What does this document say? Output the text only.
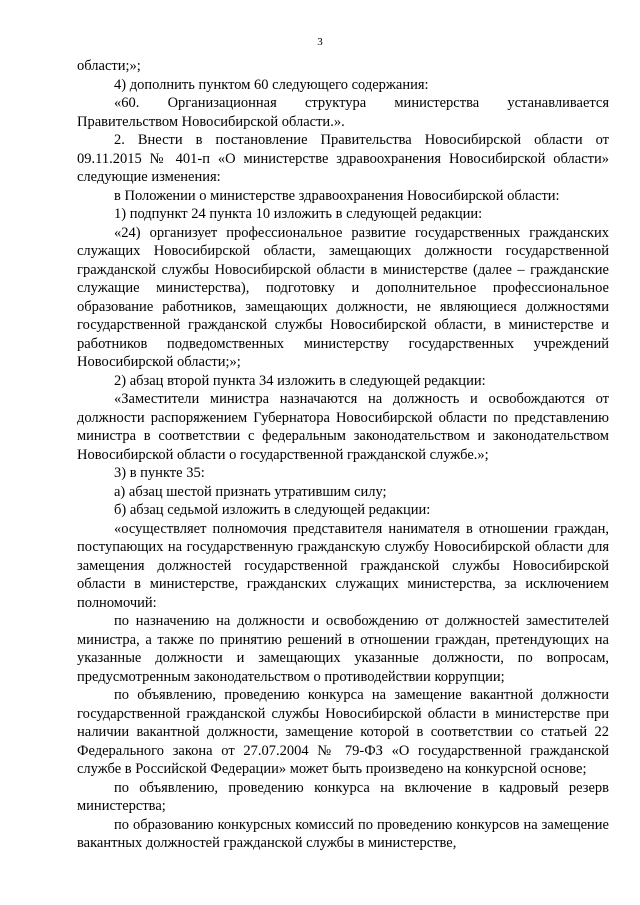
3

области;»;

4) дополнить пунктом 60 следующего содержания:

«60. Организационная структура министерства устанавливается Правительством Новосибирской области.».

2. Внести в постановление Правительства Новосибирской области от 09.11.2015 № 401-п «О министерстве здравоохранения Новосибирской области» следующие изменения:

в Положении о министерстве здравоохранения Новосибирской области:

1) подпункт 24 пункта 10 изложить в следующей редакции:

«24) организует профессиональное развитие государственных гражданских служащих Новосибирской области, замещающих должности государственной гражданской службы Новосибирской области в министерстве (далее – гражданские служащие министерства), подготовку и дополнительное профессиональное образование работников, замещающих должности, не являющиеся должностями государственной гражданской службы Новосибирской области, в министерстве и работников подведомственных министерству государственных учреждений Новосибирской области;»;

2) абзац второй пункта 34 изложить в следующей редакции:

«Заместители министра назначаются на должность и освобождаются от должности распоряжением Губернатора Новосибирской области по представлению министра в соответствии с федеральным законодательством и законодательством Новосибирской области о государственной гражданской службе.»;

3) в пункте 35:

а) абзац шестой признать утратившим силу;

б) абзац седьмой изложить в следующей редакции:

«осуществляет полномочия представителя нанимателя в отношении граждан, поступающих на государственную гражданскую службу Новосибирской области для замещения должностей государственной гражданской службы Новосибирской области в министерстве, гражданских служащих министерства, за исключением полномочий:

по назначению на должности и освобождению от должностей заместителей министра, а также по принятию решений в отношении граждан, претендующих на указанные должности и замещающих указанные должности, по вопросам, предусмотренным законодательством о противодействии коррупции;

по объявлению, проведению конкурса на замещение вакантной должности государственной гражданской службы Новосибирской области в министерстве при наличии вакантной должности, замещение которой в соответствии со статьей 22 Федерального закона от 27.07.2004 № 79-ФЗ «О государственной гражданской службе в Российской Федерации» может быть произведено на конкурсной основе;

по объявлению, проведению конкурса на включение в кадровый резерв министерства;

по образованию конкурсных комиссий по проведению конкурсов на замещение вакантных должностей гражданской службы в министерстве,
